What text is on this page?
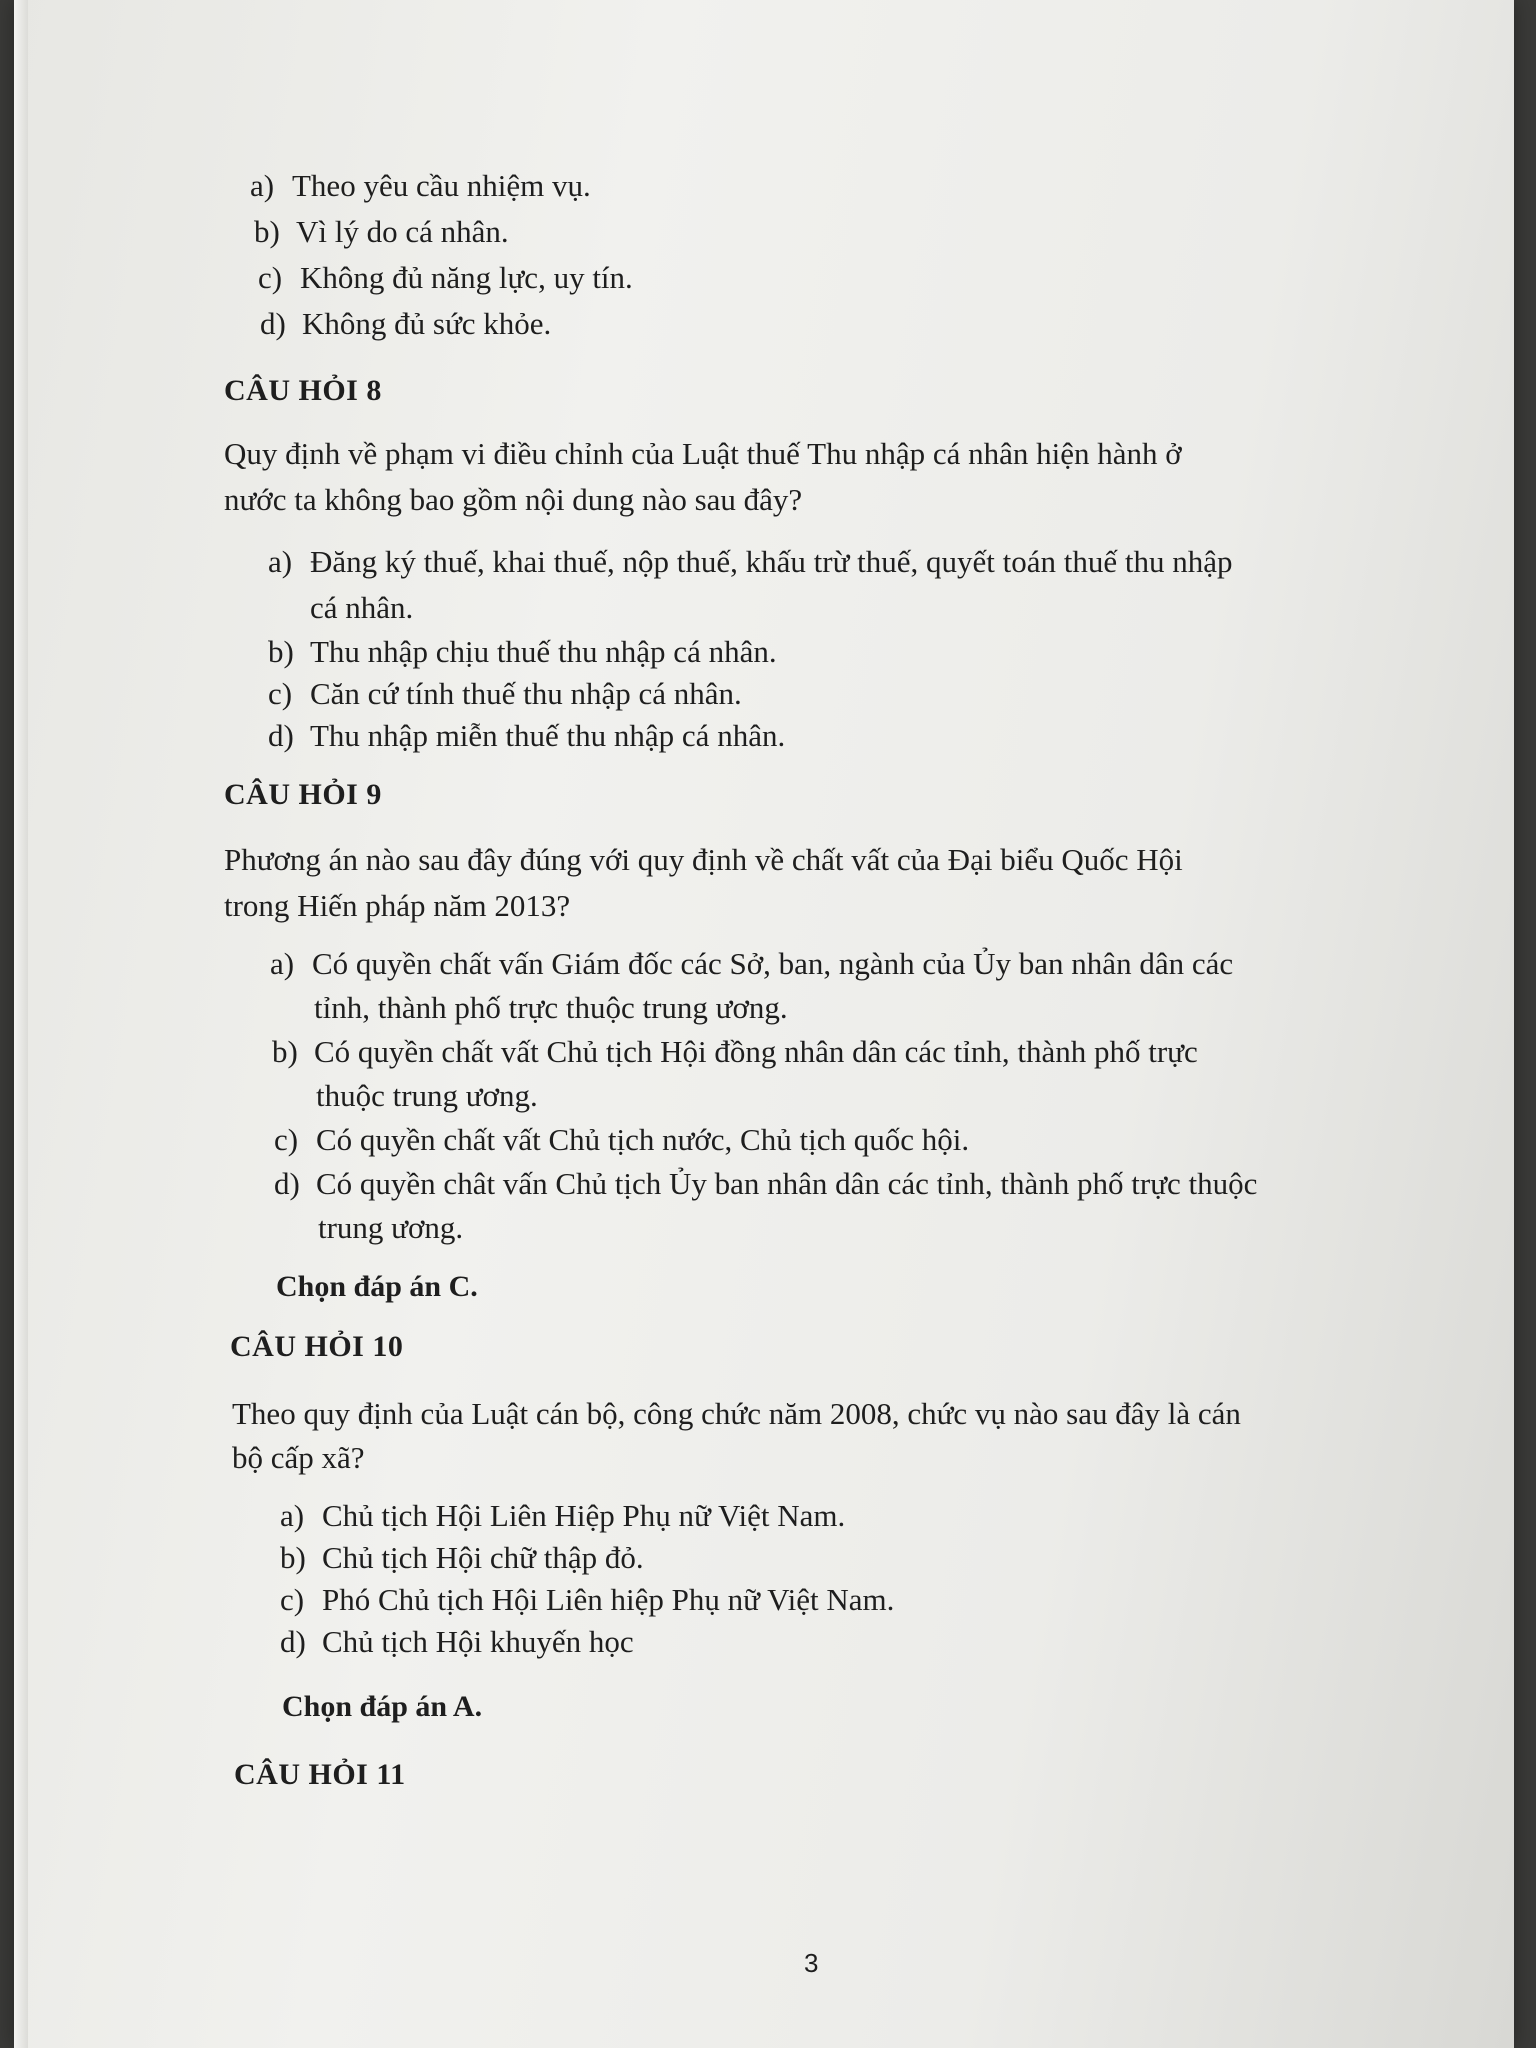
a) Theo yêu cầu nhiệm vụ.
b) Vì lý do cá nhân.
c) Không đủ năng lực, uy tín.
d) Không đủ sức khỏe.
CÂU HỎI 8
Quy định về phạm vi điều chỉnh của Luật thuế Thu nhập cá nhân hiện hành ở
nước ta không bao gồm nội dung nào sau đây?
a) Đăng ký thuế, khai thuế, nộp thuế, khấu trừ thuế, quyết toán thuế thu nhập
cá nhân.
b) Thu nhập chịu thuế thu nhập cá nhân.
c) Căn cứ tính thuế thu nhập cá nhân.
d) Thu nhập miễn thuế thu nhập cá nhân.
CÂU HỎI 9
Phương án nào sau đây đúng với quy định về chất vất của Đại biểu Quốc Hội
trong Hiến pháp năm 2013?
a) Có quyền chất vấn Giám đốc các Sở, ban, ngành của Ủy ban nhân dân các
tỉnh, thành phố trực thuộc trung ương.
b) Có quyền chất vất Chủ tịch Hội đồng nhân dân các tỉnh, thành phố trực
thuộc trung ương.
c) Có quyền chất vất Chủ tịch nước, Chủ tịch quốc hội.
d) Có quyền chât vấn Chủ tịch Ủy ban nhân dân các tỉnh, thành phố trực thuộc
trung ương.
Chọn đáp án C.
CÂU HỎI 10
Theo quy định của Luật cán bộ, công chức năm 2008, chức vụ nào sau đây là cán
bộ cấp xã?
a) Chủ tịch Hội Liên Hiệp Phụ nữ Việt Nam.
b) Chủ tịch Hội chữ thập đỏ.
c) Phó Chủ tịch Hội Liên hiệp Phụ nữ Việt Nam.
d) Chủ tịch Hội khuyến học
Chọn đáp án A.
CÂU HỎI 11
3
